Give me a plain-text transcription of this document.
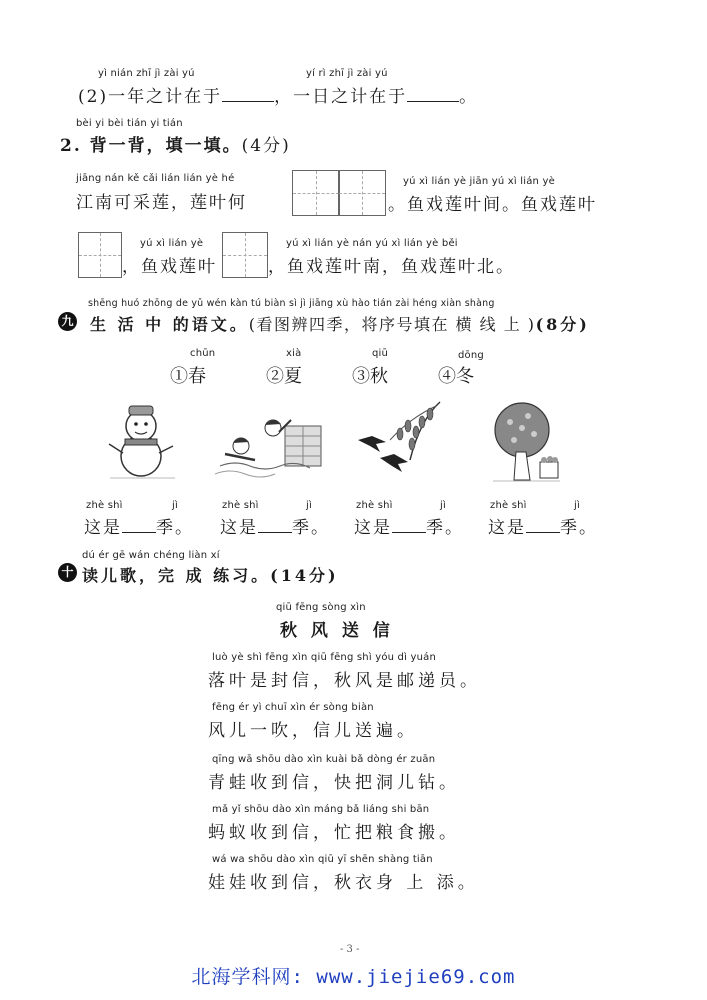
yì nián zhī jì zài yú	yí rì zhī jì zài yú
(2)一年之计在于	，一日之计在于	。
bèi yi bèi tián yi tián
2. 背一背，填一填。(4分)
jiāng nán kě cǎi lián lián yè hé
江南可采莲，莲叶何
yú xì lián yè jiān yú xì lián yè
。鱼戏莲叶间。鱼戏莲叶
yú xì lián yè
，鱼戏莲叶
yú xì lián yè nán yú xì lián yè běi
，鱼戏莲叶南，鱼戏莲叶北。
shēng huó zhōng de yǔ wén kàn tú biàn sì jì jiāng xù hào tián zài héng xiàn shàng
九 生 活 中 的语文。(看图辨四季，将序号填在 横 线 上 )(8分)
chūn	xià	qiū	dōng
①春	②夏	③秋	④冬
zhè shì	jì
这是 季。
zhè shì	jì
这是 季。
zhè shì	jì
这是 季。
zhè shì	jì
这是 季。
dú ér gē wán chéng liàn xí
十 读儿歌，完 成 练习。(14分)
qiū fēng sòng xìn
秋 风 送 信
luò yè shì fēng xìn qiū fēng shì yóu dì yuán
落叶是封信，秋风是邮递员。
fēng ér yì chuī xìn ér sòng biàn
风儿一吹，信儿送遍。
qīng wā shōu dào xìn kuài bǎ dòng ér zuān
青蛙收到信，快把洞儿钻。
mǎ yǐ shōu dào xìn máng bǎ liáng shi bān
蚂蚁收到信，忙把粮食搬。
wá wa shōu dào xìn qiū yī shēn shàng tiān
娃娃收到信，秋衣身 上 添。
- 3 -
北海学科网: www.jiejie69.com
